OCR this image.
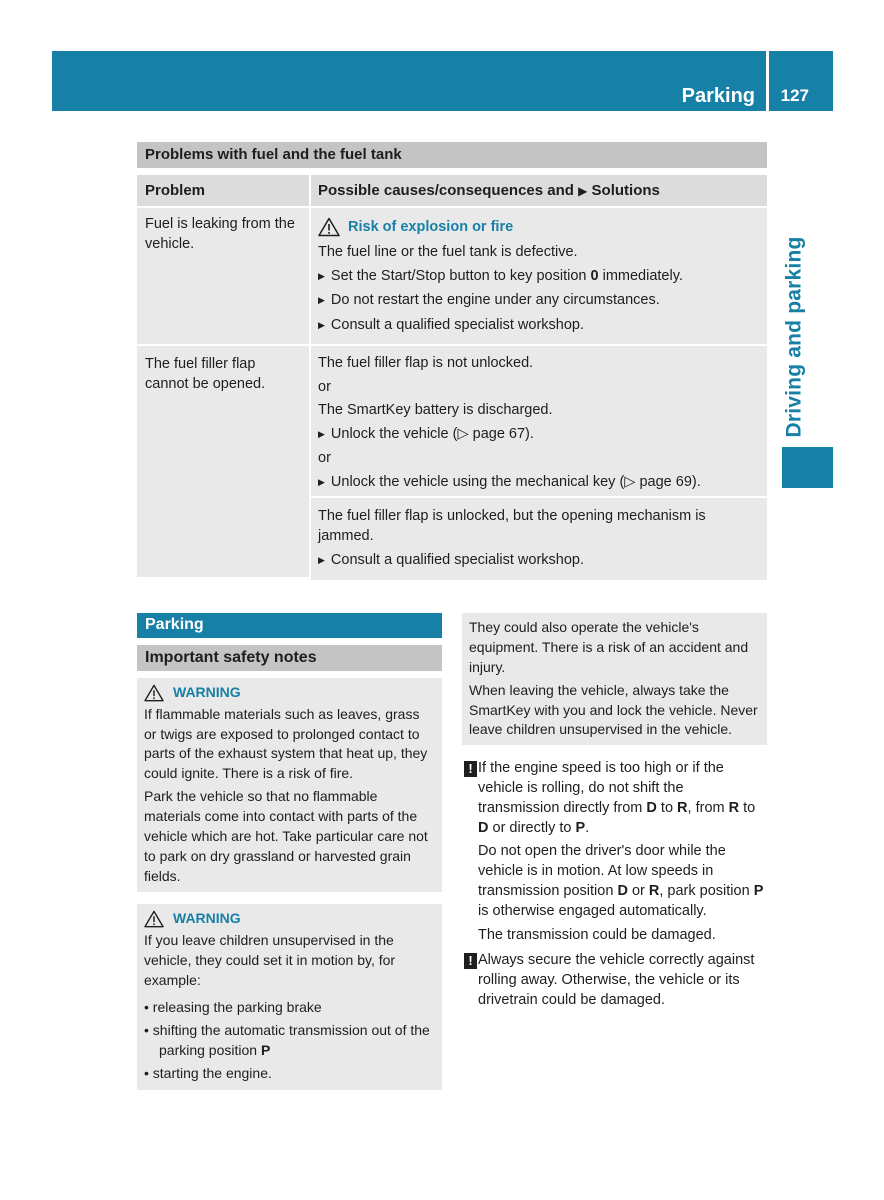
Parking 127
Driving and parking
Problems with fuel and the fuel tank
Problem	Possible causes/consequences and ▶ Solutions
Fuel is leaking from the vehicle.
Risk of explosion or fire

The fuel line or the fuel tank is defective.

▶ Set the Start/Stop button to key position 0 immediately.

▶ Do not restart the engine under any circumstances.

▶ Consult a qualified specialist workshop.

The fuel filler flap cannot be opened.

The fuel filler flap is not unlocked.

or

The SmartKey battery is discharged.

▶ Unlock the vehicle (▷ page 67).

or

▶ Unlock the vehicle using the mechanical key (▷ page 69).

The fuel filler flap is unlocked, but the opening mechanism is jammed.

▶ Consult a qualified specialist workshop.

Parking
Important safety notes
WARNING

If flammable materials such as leaves, grass or twigs are exposed to prolonged contact to parts of the exhaust system that heat up, they could ignite. There is a risk of fire.

Park the vehicle so that no flammable materials come into contact with parts of the vehicle which are hot. Take particular care not to park on dry grassland or harvested grain fields.

WARNING

If you leave children unsupervised in the vehicle, they could set it in motion by, for example:

• releasing the parking brake

• shifting the automatic transmission out of the parking position P

• starting the engine.

They could also operate the vehicle's equipment. There is a risk of an accident and injury.

When leaving the vehicle, always take the SmartKey with you and lock the vehicle. Never leave children unsupervised in the vehicle.

! If the engine speed is too high or if the vehicle is rolling, do not shift the transmission directly from D to R, from R to D or directly to P.

Do not open the driver's door while the vehicle is in motion. At low speeds in transmission position D or R, park position P is otherwise engaged automatically.

The transmission could be damaged.

! Always secure the vehicle correctly against rolling away. Otherwise, the vehicle or its drivetrain could be damaged.
